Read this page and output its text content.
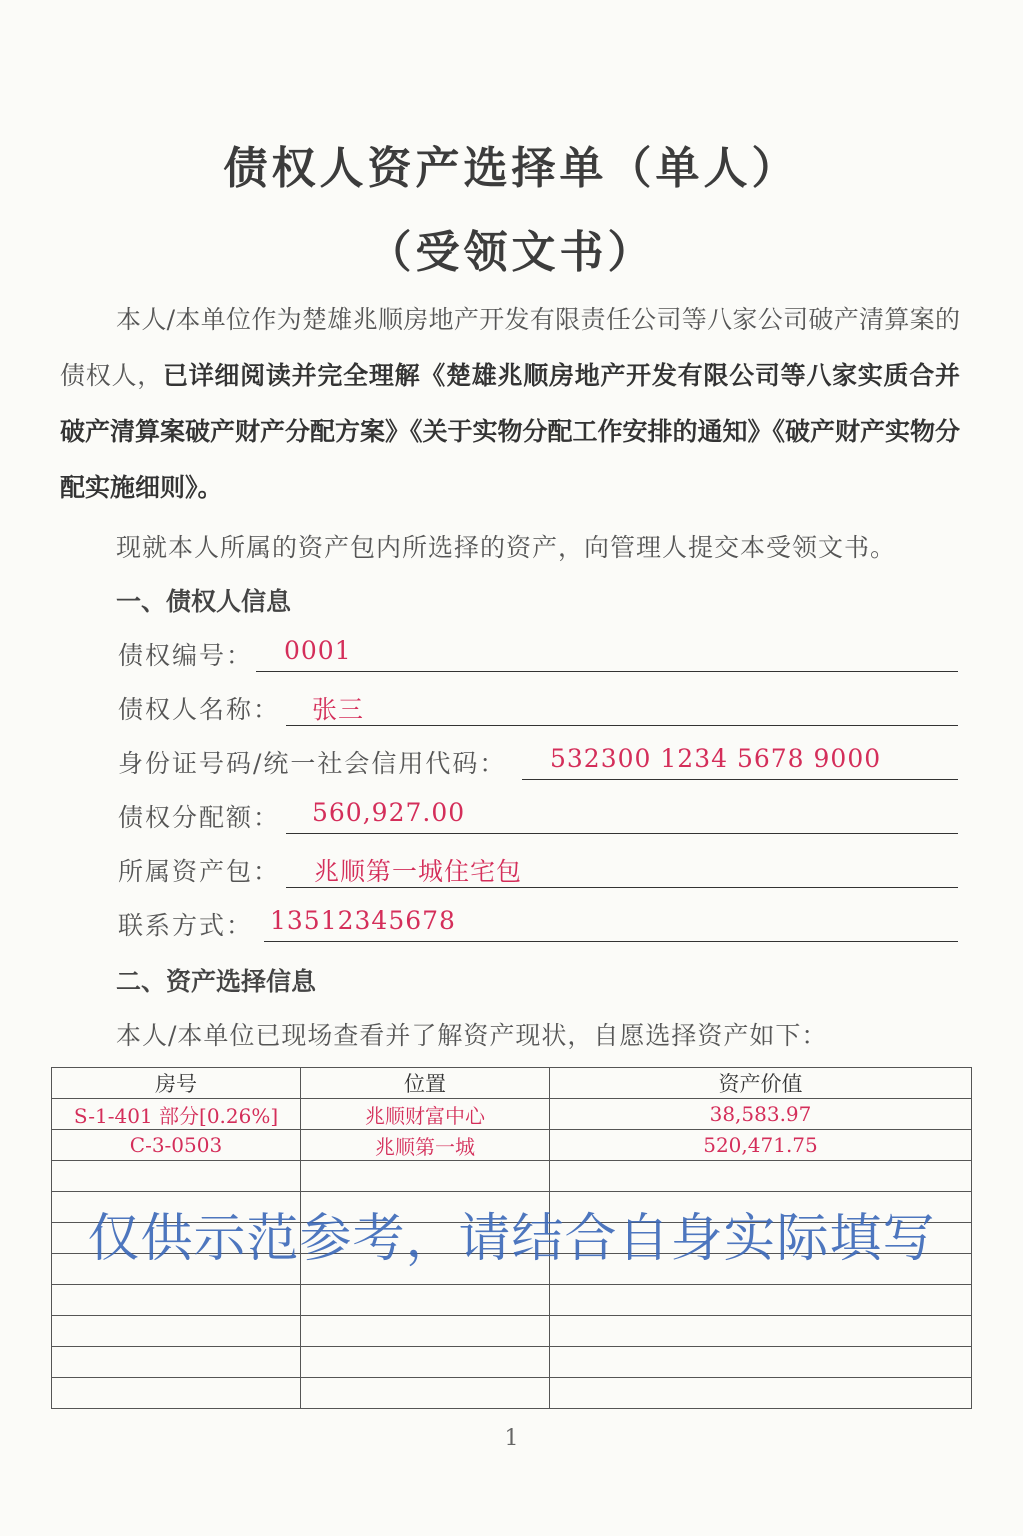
债权人资产选择单（单人）
（受领文书）
本人/本单位作为楚雄兆顺房地产开发有限责任公司等八家公司破产清算案的债权人，已详细阅读并完全理解《楚雄兆顺房地产开发有限公司等八家实质合并破产清算案破产财产分配方案》《关于实物分配工作安排的通知》《破产财产实物分配实施细则》。
现就本人所属的资产包内所选择的资产，向管理人提交本受领文书。
一、债权人信息
债权编号： 0001
债权人名称： 张三
身份证号码/统一社会信用代码： 532300 1234 5678 9000
债权分配额： 560,927.00
所属资产包： 兆顺第一城住宅包
联系方式： 13512345678
二、资产选择信息
本人/本单位已现场查看并了解资产现状，自愿选择资产如下：
房号	位置	资产价值
S-1-401 部分[0.26%]	兆顺财富中心	38,583.97
C-3-0503	兆顺第一城	520,471.75

仅供示范参考，请结合自身实际填写
1
